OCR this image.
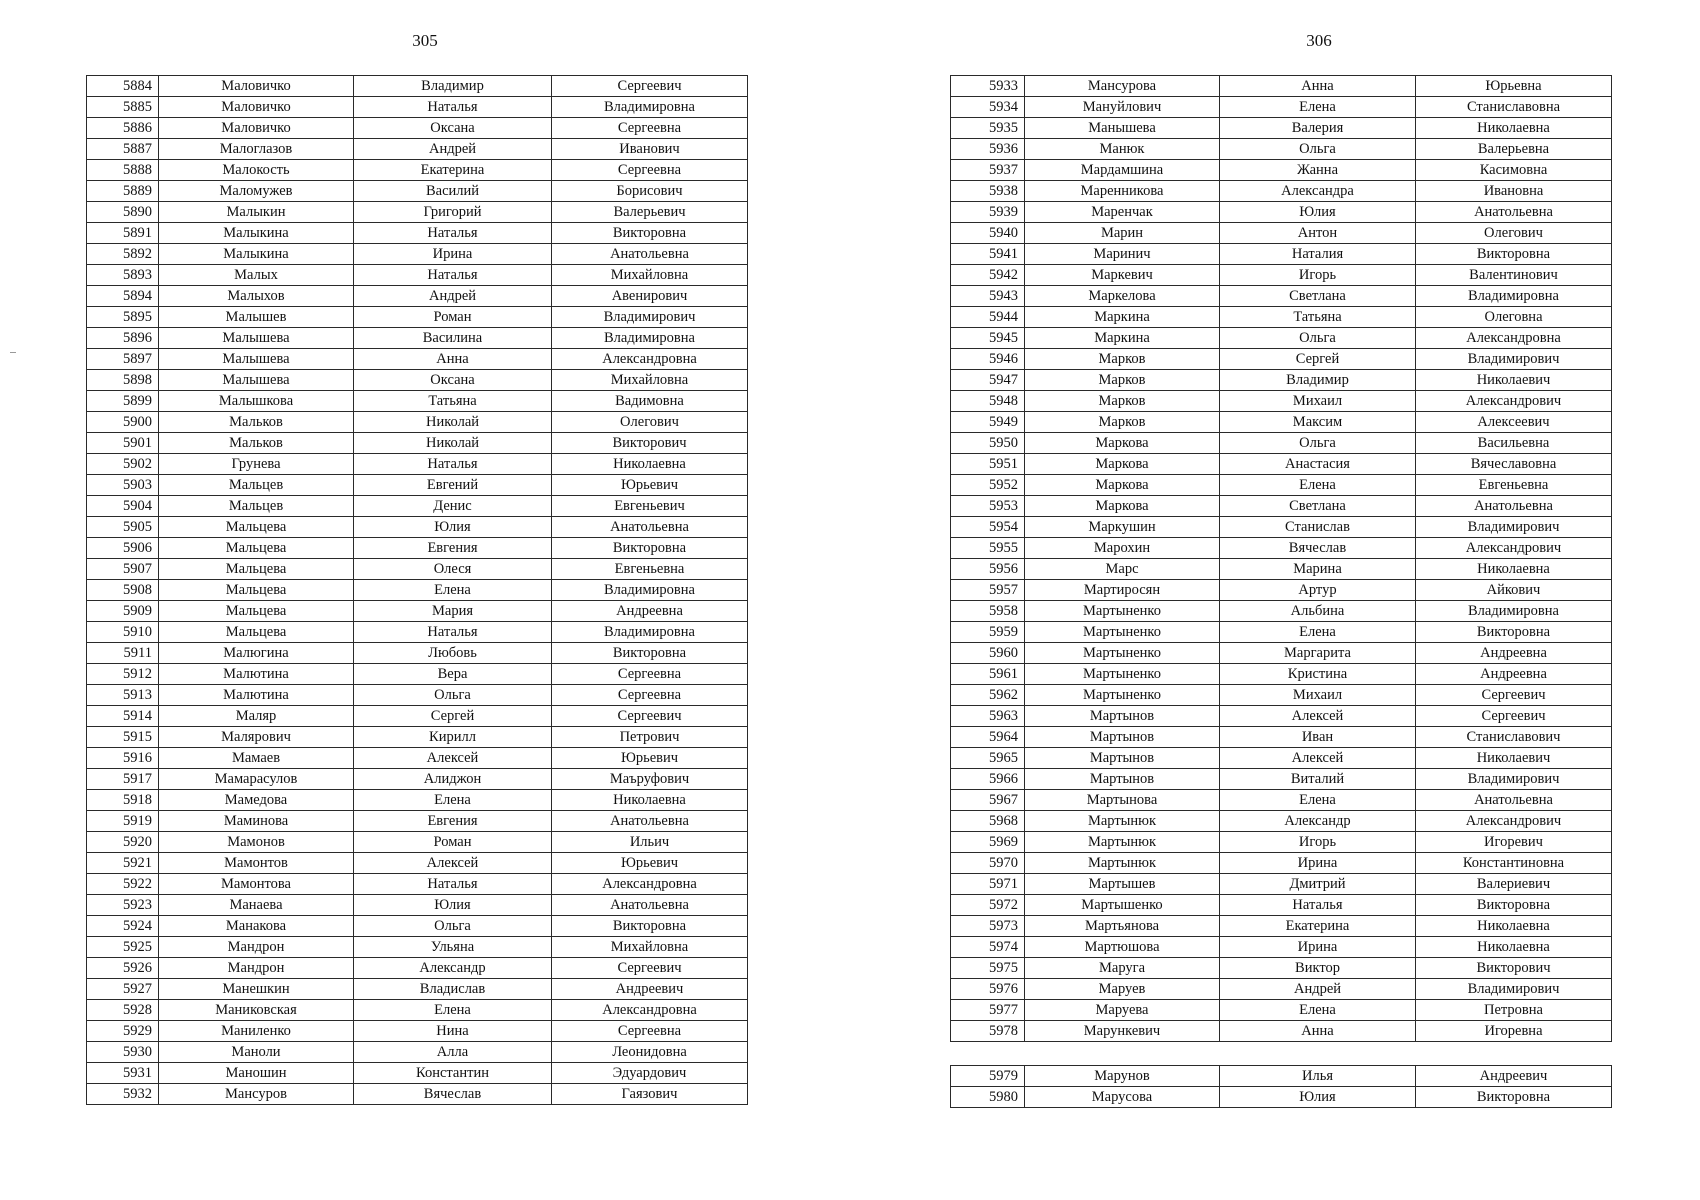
305	306
5884	Маловичко	Владимир	Сергеевич
5885	Маловичко	Наталья	Владимировна
5886	Маловичко	Оксана	Сергеевна
5887	Малоглазов	Андрей	Иванович
5888	Малокость	Екатерина	Сергеевна
5889	Маломужев	Василий	Борисович
5890	Малыкин	Григорий	Валерьевич
5891	Малыкина	Наталья	Викторовна
5892	Малыкина	Ирина	Анатольевна
5893	Малых	Наталья	Михайловна
5894	Малыхов	Андрей	Авенирович
5895	Малышев	Роман	Владимирович
5896	Малышева	Василина	Владимировна
5897	Малышева	Анна	Александровна
5898	Малышева	Оксана	Михайловна
5899	Малышкова	Татьяна	Вадимовна
5900	Мальков	Николай	Олегович
5901	Мальков	Николай	Викторович
5902	Грунева	Наталья	Николаевна
5903	Мальцев	Евгений	Юрьевич
5904	Мальцев	Денис	Евгеньевич
5905	Мальцева	Юлия	Анатольевна
5906	Мальцева	Евгения	Викторовна
5907	Мальцева	Олеся	Евгеньевна
5908	Мальцева	Елена	Владимировна
5909	Мальцева	Мария	Андреевна
5910	Мальцева	Наталья	Владимировна
5911	Малюгина	Любовь	Викторовна
5912	Малютина	Вера	Сергеевна
5913	Малютина	Ольга	Сергеевна
5914	Маляр	Сергей	Сергеевич
5915	Малярович	Кирилл	Петрович
5916	Мамаев	Алексей	Юрьевич
5917	Мамарасулов	Алиджон	Маъруфович
5918	Мамедова	Елена	Николаевна
5919	Маминова	Евгения	Анатольевна
5920	Мамонов	Роман	Ильич
5921	Мамонтов	Алексей	Юрьевич
5922	Мамонтова	Наталья	Александровна
5923	Манаева	Юлия	Анатольевна
5924	Манакова	Ольга	Викторовна
5925	Мандрон	Ульяна	Михайловна
5926	Мандрон	Александр	Сергеевич
5927	Манешкин	Владислав	Андреевич
5928	Маниковская	Елена	Александровна
5929	Маниленко	Нина	Сергеевна
5930	Маноли	Алла	Леонидовна
5931	Маношин	Константин	Эдуардович
5932	Мансуров	Вячеслав	Гаязович
5933	Мансурова	Анна	Юрьевна
5934	Мануйлович	Елена	Станиславовна
5935	Манышева	Валерия	Николаевна
5936	Манюк	Ольга	Валерьевна
5937	Мардамшина	Жанна	Касимовна
5938	Маренникова	Александра	Ивановна
5939	Маренчак	Юлия	Анатольевна
5940	Марин	Антон	Олегович
5941	Маринич	Наталия	Викторовна
5942	Маркевич	Игорь	Валентинович
5943	Маркелова	Светлана	Владимировна
5944	Маркина	Татьяна	Олеговна
5945	Маркина	Ольга	Александровна
5946	Марков	Сергей	Владимирович
5947	Марков	Владимир	Николаевич
5948	Марков	Михаил	Александрович
5949	Марков	Максим	Алексеевич
5950	Маркова	Ольга	Васильевна
5951	Маркова	Анастасия	Вячеславовна
5952	Маркова	Елена	Евгеньевна
5953	Маркова	Светлана	Анатольевна
5954	Маркушин	Станислав	Владимирович
5955	Марохин	Вячеслав	Александрович
5956	Марс	Марина	Николаевна
5957	Мартиросян	Артур	Айкович
5958	Мартыненко	Альбина	Владимировна
5959	Мартыненко	Елена	Викторовна
5960	Мартыненко	Маргарита	Андреевна
5961	Мартыненко	Кристина	Андреевна
5962	Мартыненко	Михаил	Сергеевич
5963	Мартынов	Алексей	Сергеевич
5964	Мартынов	Иван	Станиславович
5965	Мартынов	Алексей	Николаевич
5966	Мартынов	Виталий	Владимирович
5967	Мартынова	Елена	Анатольевна
5968	Мартынюк	Александр	Александрович
5969	Мартынюк	Игорь	Игоревич
5970	Мартынюк	Ирина	Константиновна
5971	Мартышев	Дмитрий	Валериевич
5972	Мартышенко	Наталья	Викторовна
5973	Мартьянова	Екатерина	Николаевна
5974	Мартюшова	Ирина	Николаевна
5975	Маруга	Виктор	Викторович
5976	Маруев	Андрей	Владимирович
5977	Маруева	Елена	Петровна
5978	Марункевич	Анна	Игоревна
5979	Марунов	Илья	Андреевич
5980	Марусова	Юлия	Викторовна
